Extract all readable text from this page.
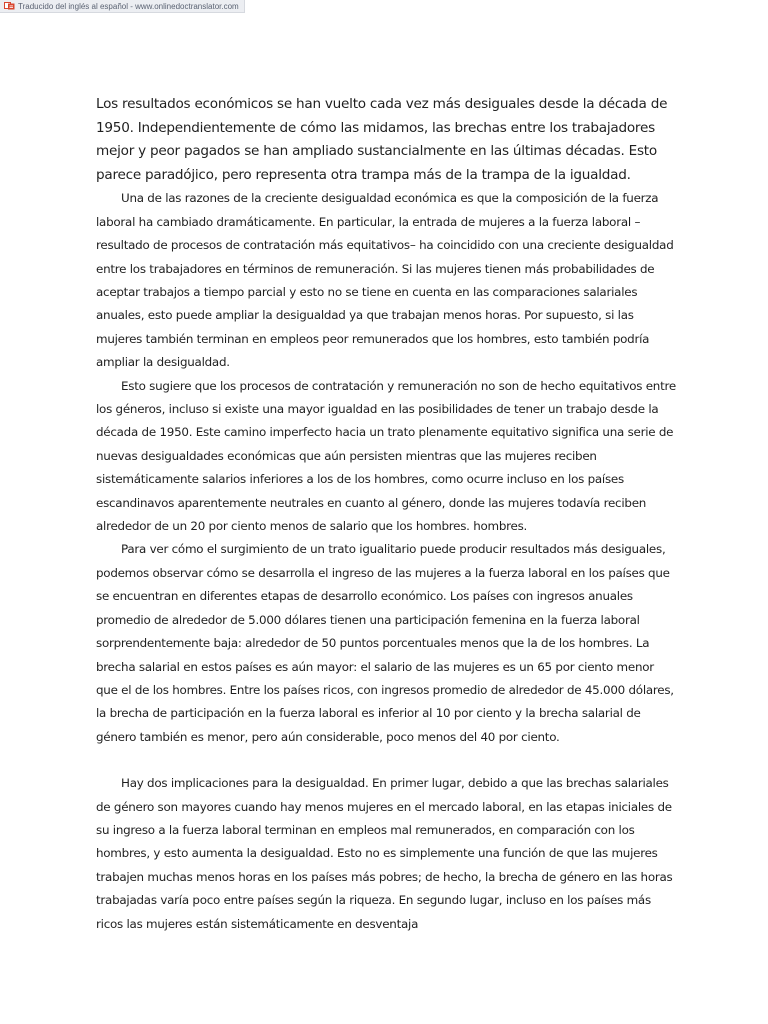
Traducido del inglés al español - www.onlinedoctranslator.com

Los resultados económicos se han vuelto cada vez más desiguales desde la década de 1950. Independientemente de cómo las midamos, las brechas entre los trabajadores mejor y peor pagados se han ampliado sustancialmente en las últimas décadas. Esto parece paradójico, pero representa otra trampa más de la trampa de la igualdad.

Una de las razones de la creciente desigualdad económica es que la composición de la fuerza laboral ha cambiado dramáticamente. En particular, la entrada de mujeres a la fuerza laboral –resultado de procesos de contratación más equitativos– ha coincidido con una creciente desigualdad entre los trabajadores en términos de remuneración. Si las mujeres tienen más probabilidades de aceptar trabajos a tiempo parcial y esto no se tiene en cuenta en las comparaciones salariales anuales, esto puede ampliar la desigualdad ya que trabajan menos horas. Por supuesto, si las mujeres también terminan en empleos peor remunerados que los hombres, esto también podría ampliar la desigualdad.

Esto sugiere que los procesos de contratación y remuneración no son de hecho equitativos entre los géneros, incluso si existe una mayor igualdad en las posibilidades de tener un trabajo desde la década de 1950. Este camino imperfecto hacia un trato plenamente equitativo significa una serie de nuevas desigualdades económicas que aún persisten mientras que las mujeres reciben sistemáticamente salarios inferiores a los de los hombres, como ocurre incluso en los países escandinavos aparentemente neutrales en cuanto al género, donde las mujeres todavía reciben alrededor de un 20 por ciento menos de salario que los hombres. hombres.

Para ver cómo el surgimiento de un trato igualitario puede producir resultados más desiguales, podemos observar cómo se desarrolla el ingreso de las mujeres a la fuerza laboral en los países que se encuentran en diferentes etapas de desarrollo económico. Los países con ingresos anuales promedio de alrededor de 5.000 dólares tienen una participación femenina en la fuerza laboral sorprendentemente baja: alrededor de 50 puntos porcentuales menos que la de los hombres. La brecha salarial en estos países es aún mayor: el salario de las mujeres es un 65 por ciento menor que el de los hombres. Entre los países ricos, con ingresos promedio de alrededor de 45.000 dólares, la brecha de participación en la fuerza laboral es inferior al 10 por ciento y la brecha salarial de género también es menor, pero aún considerable, poco menos del 40 por ciento.

Hay dos implicaciones para la desigualdad. En primer lugar, debido a que las brechas salariales de género son mayores cuando hay menos mujeres en el mercado laboral, en las etapas iniciales de su ingreso a la fuerza laboral terminan en empleos mal remunerados, en comparación con los hombres, y esto aumenta la desigualdad. Esto no es simplemente una función de que las mujeres trabajen muchas menos horas en los países más pobres; de hecho, la brecha de género en las horas trabajadas varía poco entre países según la riqueza. En segundo lugar, incluso en los países más ricos las mujeres están sistemáticamente en desventaja
